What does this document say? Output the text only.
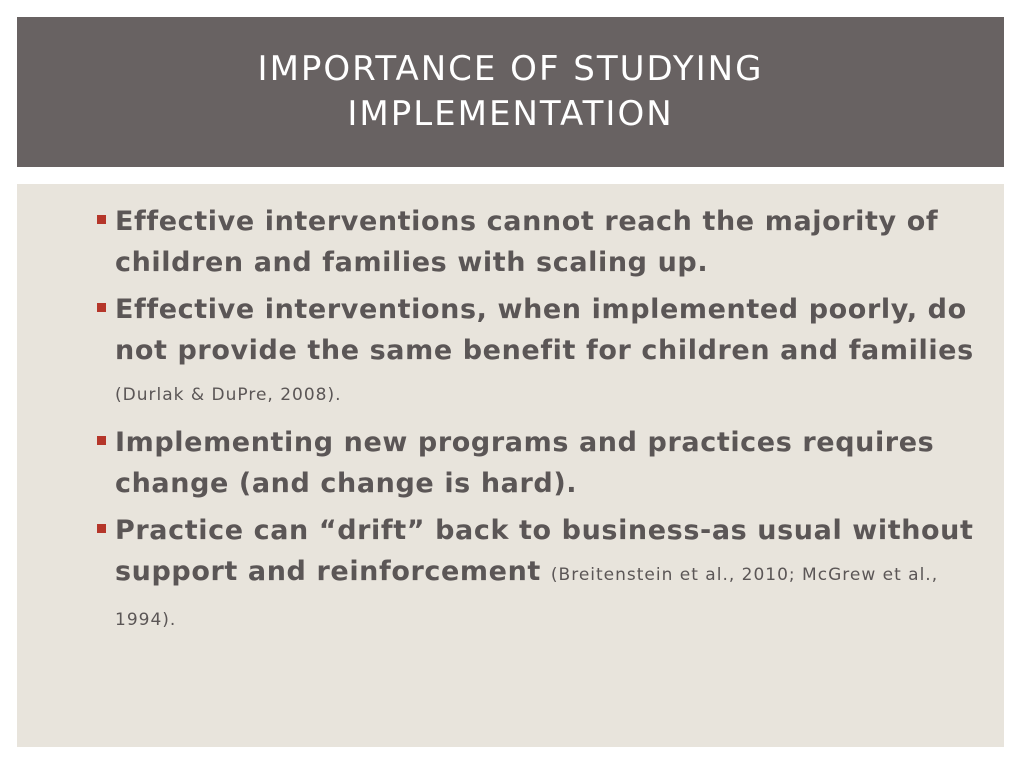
IMPORTANCE OF STUDYING IMPLEMENTATION
Effective interventions cannot reach the majority of children and families with scaling up.
Effective interventions, when implemented poorly, do not provide the same benefit for children and families (Durlak & DuPre, 2008).
Implementing new programs and practices requires change (and change is hard).
Practice can “drift” back to business-as usual without support and reinforcement (Breitenstein et al., 2010; McGrew et al., 1994).
